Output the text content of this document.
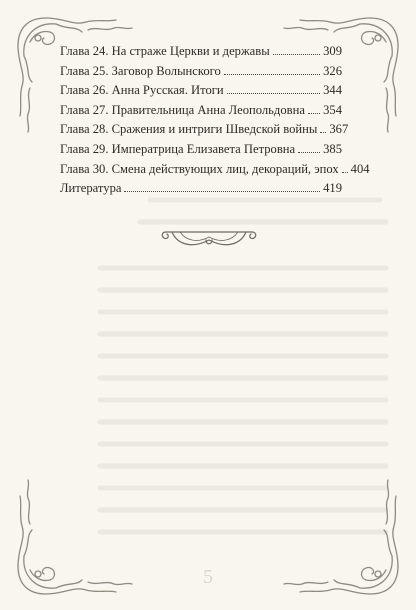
Глава 24. На страже Церкви и державы	309
Глава 25. Заговор Волынского	326
Глава 26. Анна Русская. Итоги	344
Глава 27. Правительница Анна Леопольдовна 354
Глава 28. Сражения и интриги Шведской войны 367
Глава 29. Императрица Елизавета Петровна 385
Глава 30. Смена действующих лиц, декораций, эпох 404
Литература	419
5
